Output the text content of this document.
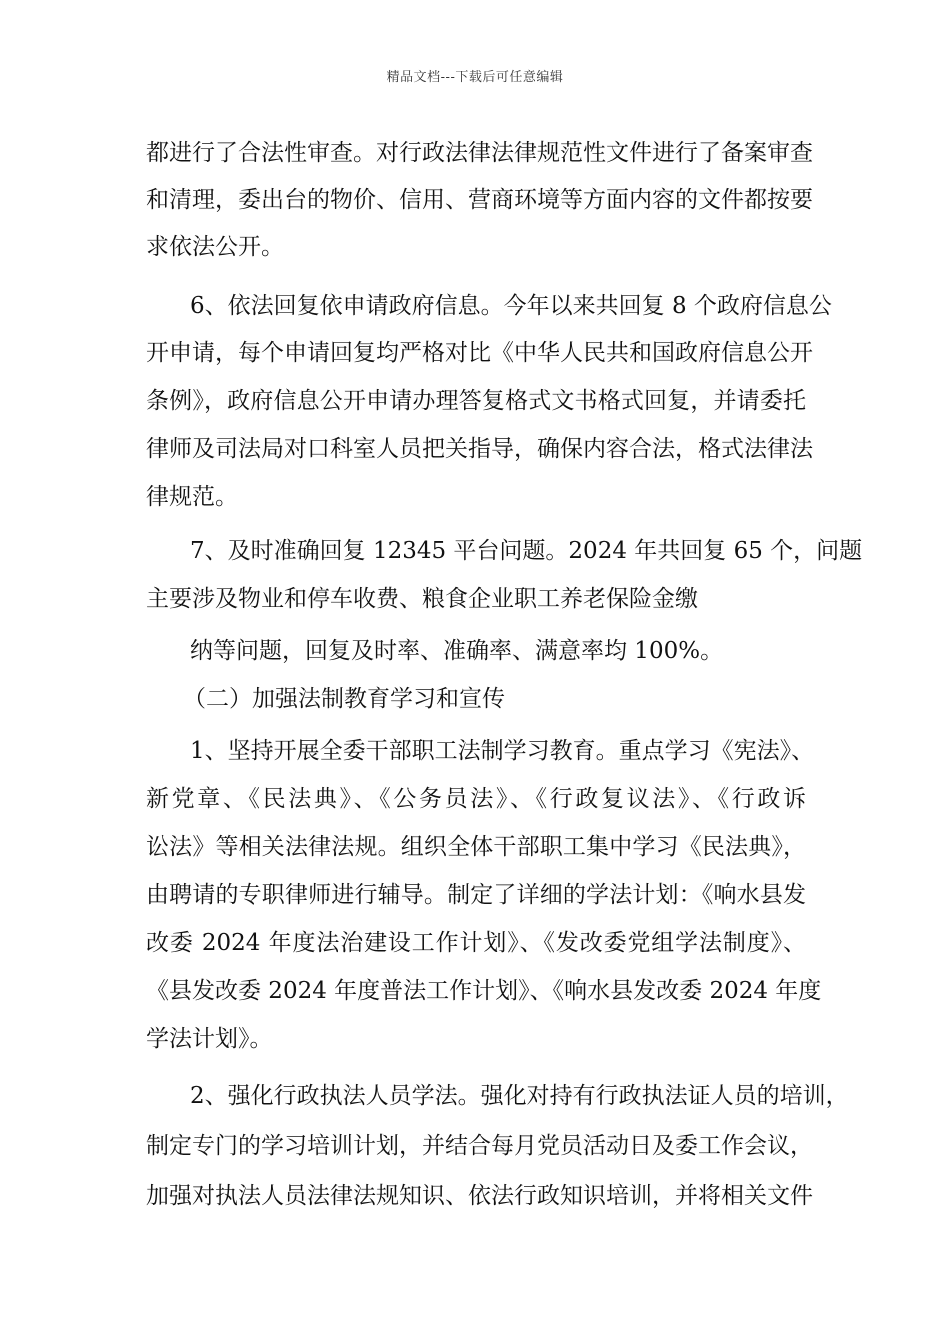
精品文档---下载后可任意编辑
都进行了合法性审查。对行政法律法律规范性文件进行了备案审查
和清理，委出台的物价、信用、营商环境等方面内容的文件都按要
求依法公开。
6、依法回复依申请政府信息。今年以来共回复 8 个政府信息公
开申请，每个申请回复均严格对比《中华人民共和国政府信息公开
条例》，政府信息公开申请办理答复格式文书格式回复，并请委托
律师及司法局对口科室人员把关指导，确保内容合法，格式法律法
律规范。
7、及时准确回复 12345 平台问题。2024 年共回复 65 个，问题
主要涉及物业和停车收费、粮食企业职工养老保险金缴
纳等问题，回复及时率、准确率、满意率均 100%。
（二）加强法制教育学习和宣传
1、坚持开展全委干部职工法制学习教育。重点学习《宪法》、
新党章、《民法典》、《公务员法》、《行政复议法》、《行政诉
讼法》等相关法律法规。组织全体干部职工集中学习《民法典》，
由聘请的专职律师进行辅导。制定了详细的学法计划：《响水县发
改委 2024 年度法治建设工作计划》、《发改委党组学法制度》、
《县发改委 2024 年度普法工作计划》、《响水县发改委 2024 年度
学法计划》。
2、强化行政执法人员学法。强化对持有行政执法证人员的培训，
制定专门的学习培训计划，并结合每月党员活动日及委工作会议，
加强对执法人员法律法规知识、依法行政知识培训，并将相关文件
